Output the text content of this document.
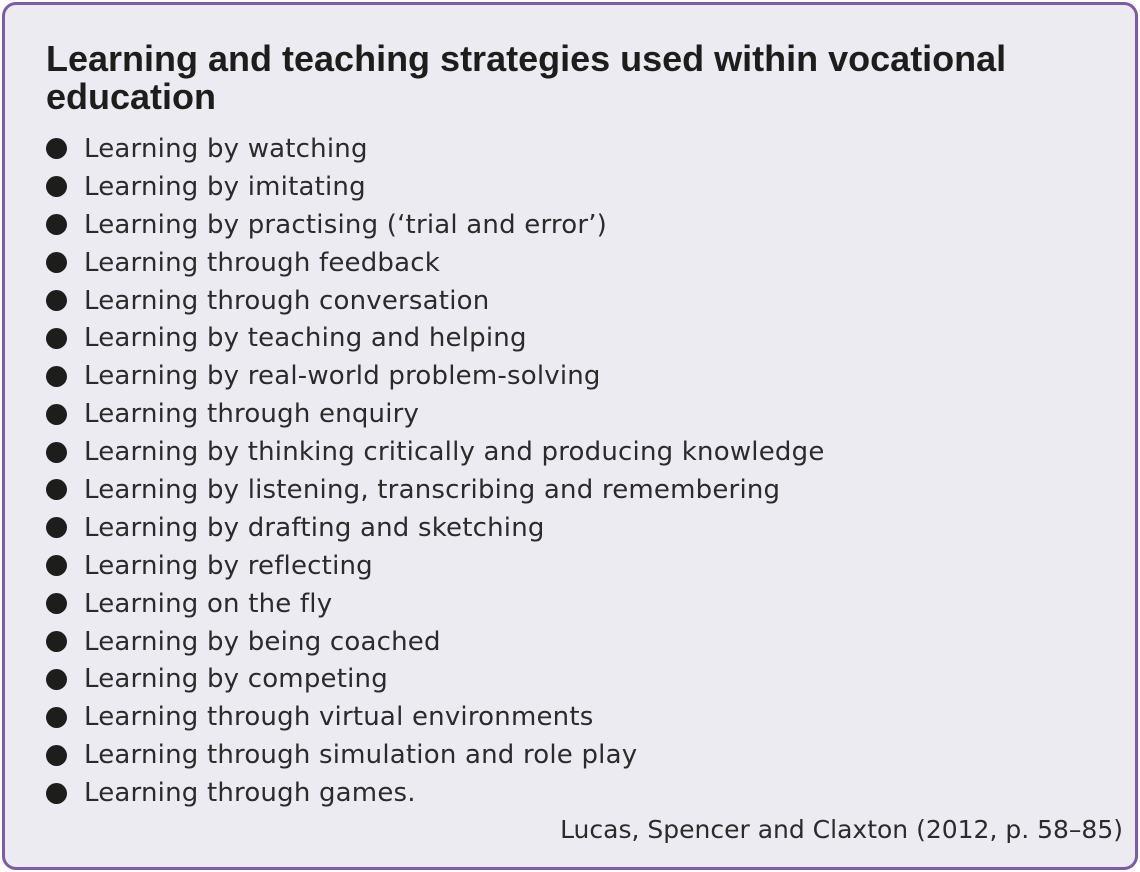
Learning and teaching strategies used within vocational education
Learning by watching
Learning by imitating
Learning by practising (‘trial and error’)
Learning through feedback
Learning through conversation
Learning by teaching and helping
Learning by real-world problem-solving
Learning through enquiry
Learning by thinking critically and producing knowledge
Learning by listening, transcribing and remembering
Learning by drafting and sketching
Learning by reflecting
Learning on the fly
Learning by being coached
Learning by competing
Learning through virtual environments
Learning through simulation and role play
Learning through games.
Lucas, Spencer and Claxton (2012, p. 58–85)
